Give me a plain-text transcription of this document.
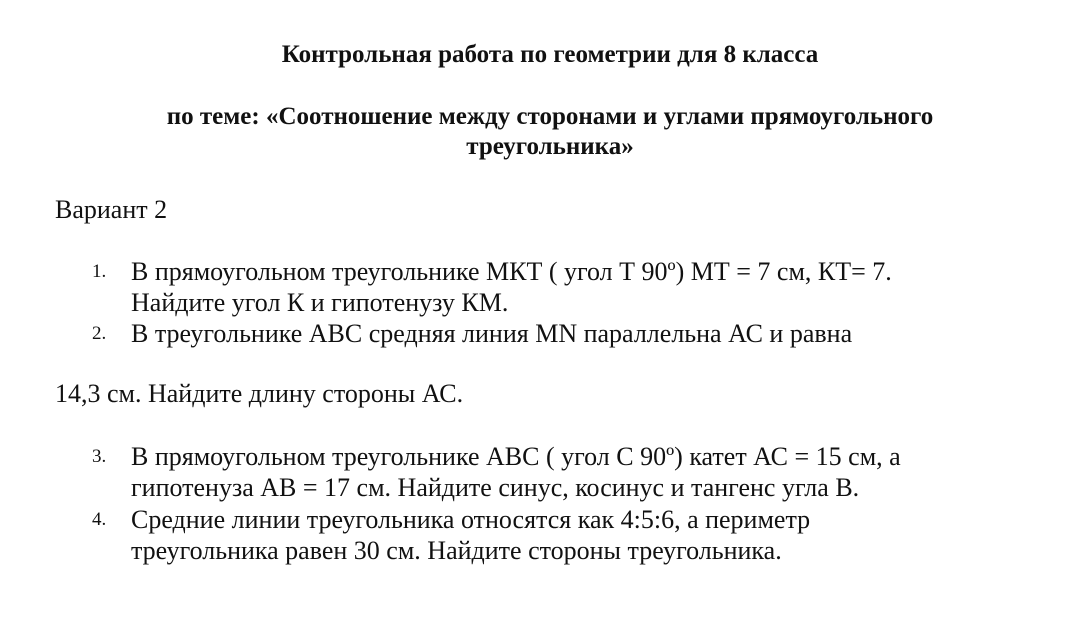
Контрольная работа по геометрии для 8 класса
по теме: «Соотношение между сторонами и углами прямоугольного
треугольника»
Вариант 2
1. В прямоугольном треугольнике МКТ ( угол Т 90º) МТ = 7 см, КТ= 7.
Найдите угол К и гипотенузу КМ.
2. В треугольнике АВС средняя линия MN параллельна АС и равна
14,3 см. Найдите длину стороны АС.
3. В прямоугольном треугольнике АВС ( угол С 90º) катет АС = 15 см, а
гипотенуза АВ = 17 см. Найдите синус, косинус и тангенс угла В.
4. Средние линии треугольника относятся как 4:5:6, а периметр
треугольника равен 30 см. Найдите стороны треугольника.
